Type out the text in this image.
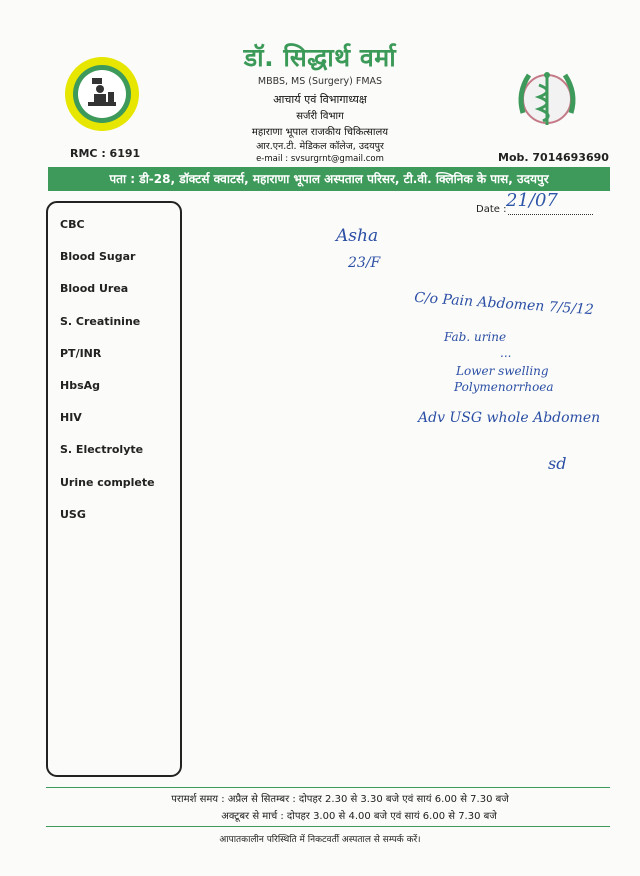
डॉ. सिद्धार्थ वर्मा
MBBS, MS (Surgery) FMAS
आचार्य एवं विभागाध्यक्ष
सर्जरी विभाग
महाराणा भूपाल राजकीय चिकित्सालय
आर.एन.टी. मेडिकल कॉलेज, उदयपुर
e-mail : svsurgrnt@gmail.com
RMC : 6191	Mob. 7014693690
पता : डी-28, डॉक्टर्स क्वाटर्स, महाराणा भूपाल अस्पताल परिसर, टी.वी. क्लिनिक के पास, उदयपुर
Date : 21/07
CBC
Blood Sugar
Blood Urea
S. Creatinine
PT/INR
HbsAg
HIV
S. Electrolyte
Urine complete
USG
Asha
23/F
C/o Pain Abdomen 7/5/12
Fab. urine
...
Lower swelling
Polymenorrhoea
Adv USG whole Abdomen
sd
परामर्श समय : अप्रैल से सितम्बर : दोपहर 2.30 से 3.30 बजे एवं सायं 6.00 से 7.30 बजे
अक्टूबर से मार्च : दोपहर 3.00 से 4.00 बजे एवं सायं 6.00 से 7.30 बजे
आपातकालीन परिस्थिति में निकटवर्ती अस्पताल से सम्पर्क करें।
